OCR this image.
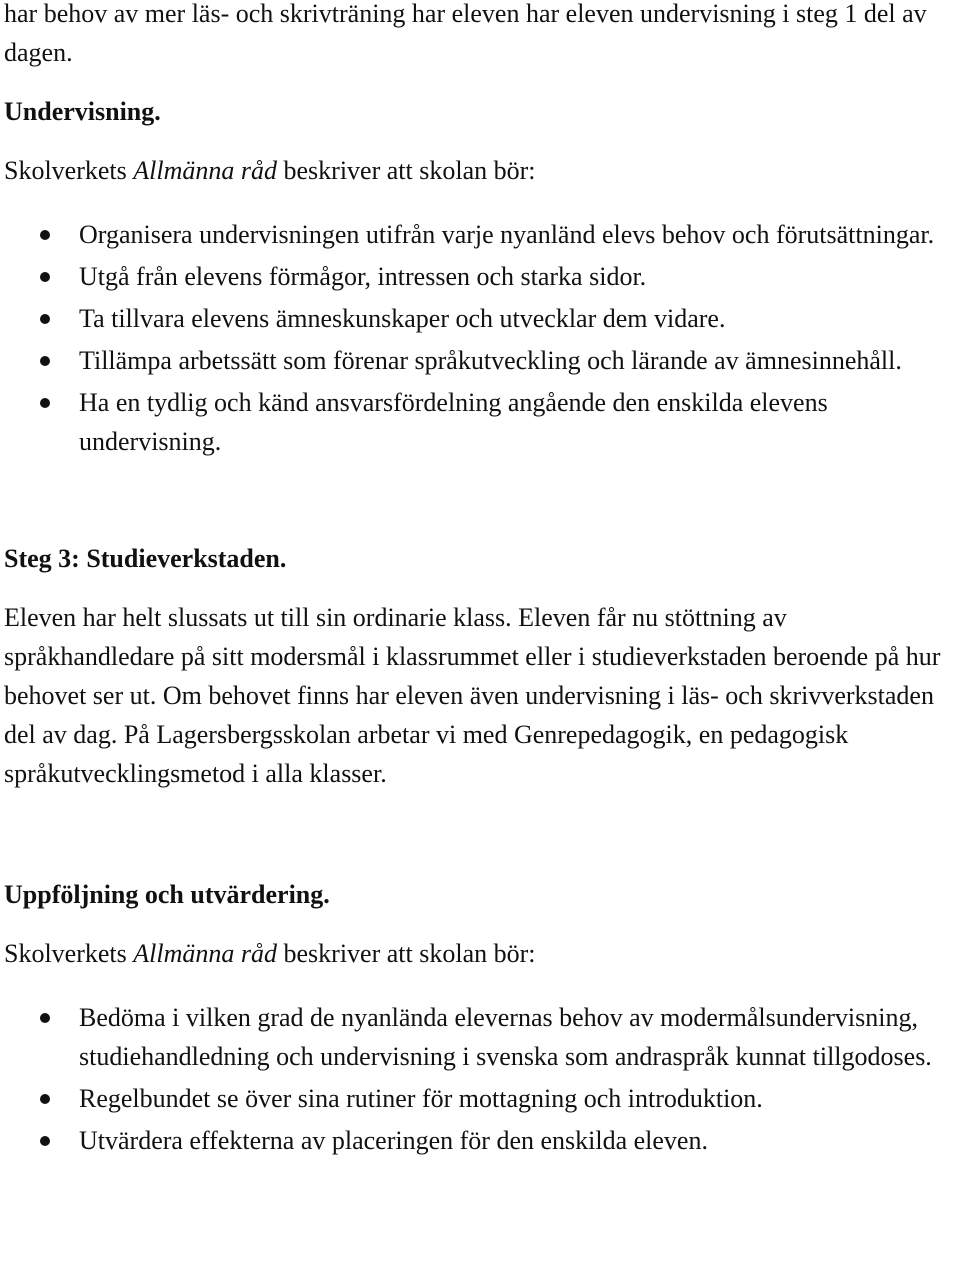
har behov av mer läs- och skrivträning har eleven har eleven undervisning i steg 1 del av dagen.

Undervisning.

Skolverkets Allmänna råd beskriver att skolan bör:

Organisera undervisningen utifrån varje nyanländ elevs behov och förutsättningar.
Utgå från elevens förmågor, intressen och starka sidor.
Ta tillvara elevens ämneskunskaper och utvecklar dem vidare.
Tillämpa arbetssätt som förenar språkutveckling och lärande av ämnesinnehåll.
Ha en tydlig och känd ansvarsfördelning angående den enskilda elevens undervisning.

Steg 3: Studieverkstaden.

Eleven har helt slussats ut till sin ordinarie klass. Eleven får nu stöttning av språkhandledare på sitt modersmål i klassrummet eller i studieverkstaden beroende på hur behovet ser ut. Om behovet finns har eleven även undervisning i läs- och skrivverkstaden del av dag. På Lagersbergsskolan arbetar vi med Genrepedagogik, en pedagogisk språkutvecklingsmetod i alla klasser.

Uppföljning och utvärdering.

Skolverkets Allmänna råd beskriver att skolan bör:

Bedöma i vilken grad de nyanlända elevernas behov av modermålsundervisning, studiehandledning och undervisning i svenska som andraspråk kunnat tillgodoses.
Regelbundet se över sina rutiner för mottagning och introduktion.
Utvärdera effekterna av placeringen för den enskilda eleven.
